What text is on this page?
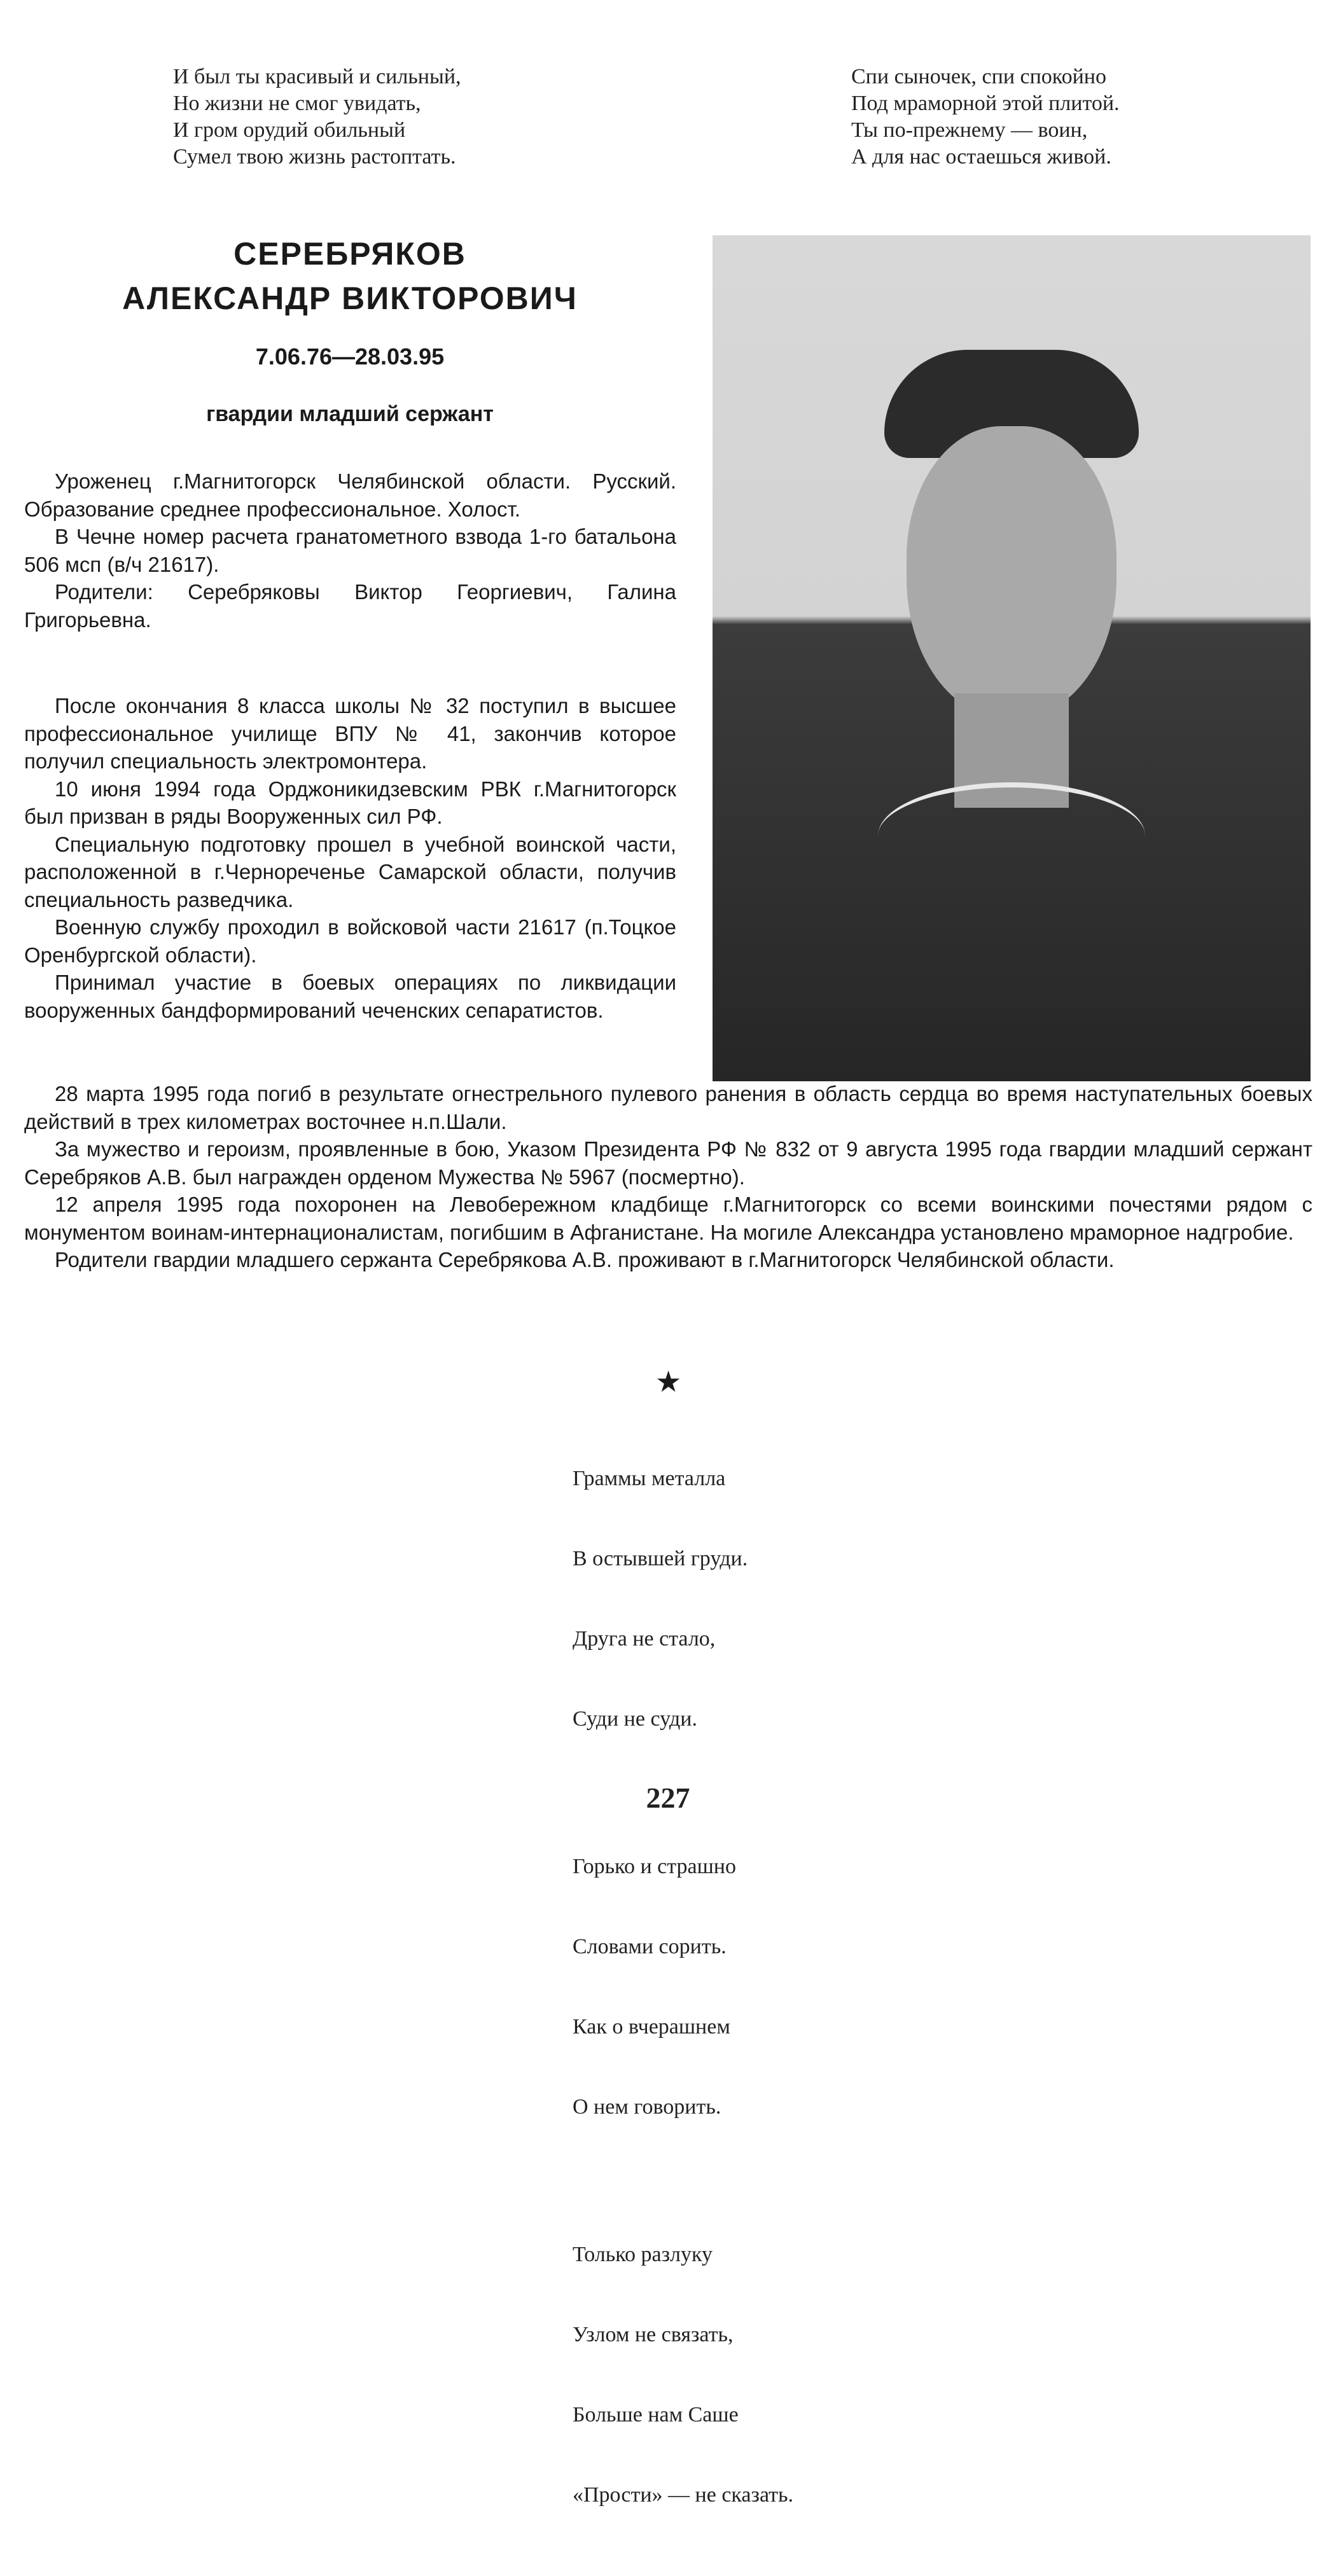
И был ты красивый и сильный,
Но жизни не смог увидать,
И гром орудий обильный
Сумел твою жизнь растоптать.
Спи сыночек, спи спокойно
Под мраморной этой плитой.
Ты по-прежнему — воин,
А для нас остаешься живой.
СЕРЕБРЯКОВ
АЛЕКСАНДР ВИКТОРОВИЧ
7.06.76—28.03.95
гвардии младший сержант

Уроженец г.Магнитогорск Челябинской области. Русский. Образование среднее профессиональное. Холост.

В Чечне номер расчета гранатометного взвода 1-го батальона 506 мсп (в/ч 21617).

Родители: Серебряковы Виктор Георгиевич, Галина Григорьевна.

После окончания 8 класса школы № 32 поступил в высшее профессиональное училище ВПУ № 41, закончив которое получил специальность электромонтера.

10 июня 1994 года Орджоникидзевским РВК г.Магнитогорск был призван в ряды Вооруженных сил РФ.

Специальную подготовку прошел в учебной воинской части, расположенной в г.Чернореченье Самарской области, получив специальность разведчика.

Военную службу проходил в войсковой части 21617 (п.Тоцкое Оренбургской области).

Принимал участие в боевых операциях по ликвидации вооруженных бандформирований чеченских сепаратистов.

28 марта 1995 года погиб в результате огнестрельного пулевого ранения в область сердца во время наступательных боевых действий в трех километрах восточнее н.п.Шали.

За мужество и героизм, проявленные в бою, Указом Президента РФ № 832 от 9 августа 1995 года гвардии младший сержант Серебряков А.В. был награжден орденом Мужества № 5967 (посмертно).

12 апреля 1995 года похоронен на Левобережном кладбище г.Магнитогорск со всеми воинскими почестями рядом с монументом воинам-интернационалистам, погибшим в Афганистане. На могиле Александра установлено мраморное надгробие.

Родители гвардии младшего сержанта Серебрякова А.В. проживают в г.Магнитогорск Челябинской области.

★

Граммы металла

В остывшей груди.

Друга не стало,

Суди не суди.

Горько и страшно

Словами сорить.

Как о вчерашнем

О нем говорить.

Только разлуку

Узлом не связать,

Больше нам Саше

«Прости» — не сказать.

227
